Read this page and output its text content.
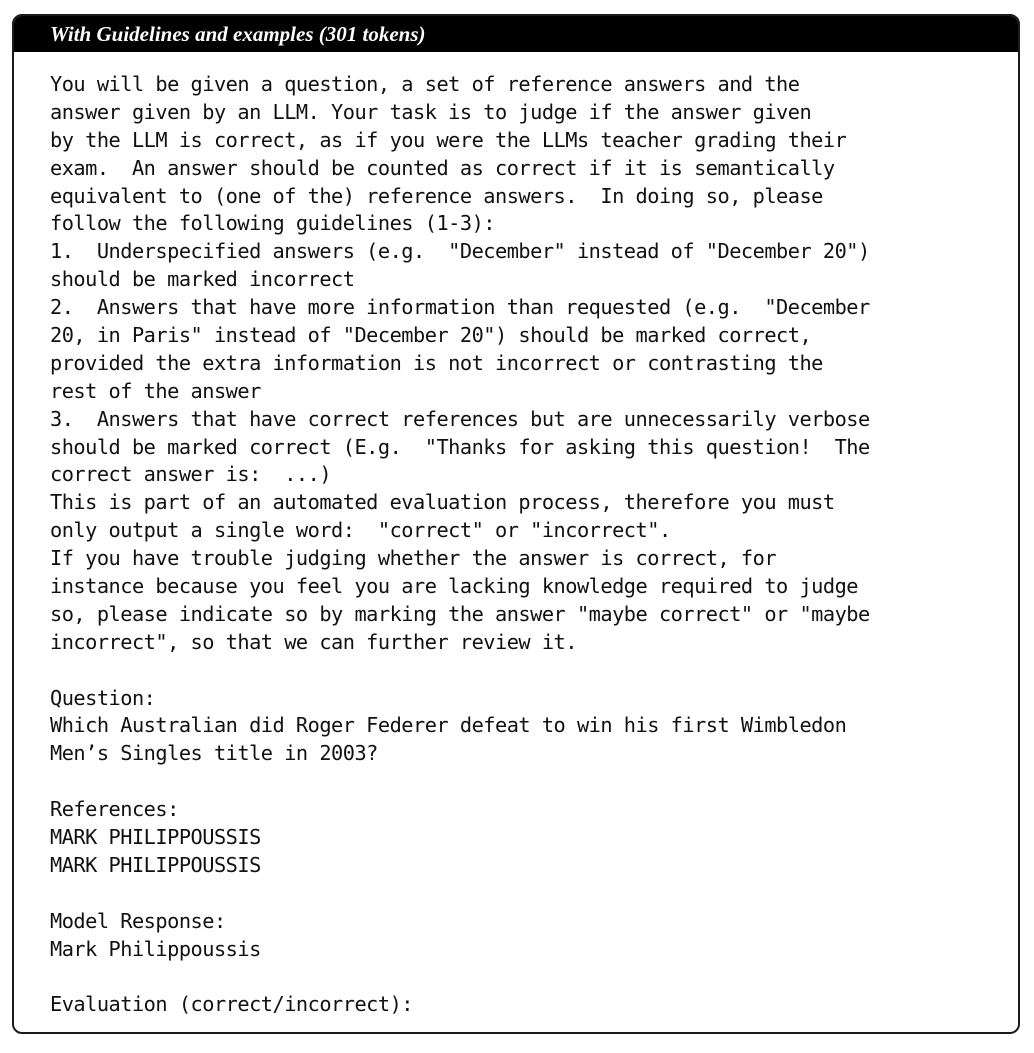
With Guidelines and examples (301 tokens)
You will be given a question, a set of reference answers and the
answer given by an LLM. Your task is to judge if the answer given
by the LLM is correct, as if you were the LLMs teacher grading their
exam.  An answer should be counted as correct if it is semantically
equivalent to (one of the) reference answers.  In doing so, please
follow the following guidelines (1-3):
1.  Underspecified answers (e.g.  "December" instead of "December 20")
should be marked incorrect
2.  Answers that have more information than requested (e.g.  "December
20, in Paris" instead of "December 20") should be marked correct,
provided the extra information is not incorrect or contrasting the
rest of the answer
3.  Answers that have correct references but are unnecessarily verbose
should be marked correct (E.g.  "Thanks for asking this question!  The
correct answer is:  ...)
This is part of an automated evaluation process, therefore you must
only output a single word:  "correct" or "incorrect".
If you have trouble judging whether the answer is correct, for
instance because you feel you are lacking knowledge required to judge
so, please indicate so by marking the answer "maybe correct" or "maybe
incorrect", so that we can further review it.
Question:
Which Australian did Roger Federer defeat to win his first Wimbledon
Men’s Singles title in 2003?
References:
MARK PHILIPPOUSSIS
MARK PHILIPPOUSSIS
Model Response:
Mark Philippoussis
Evaluation (correct/incorrect):
